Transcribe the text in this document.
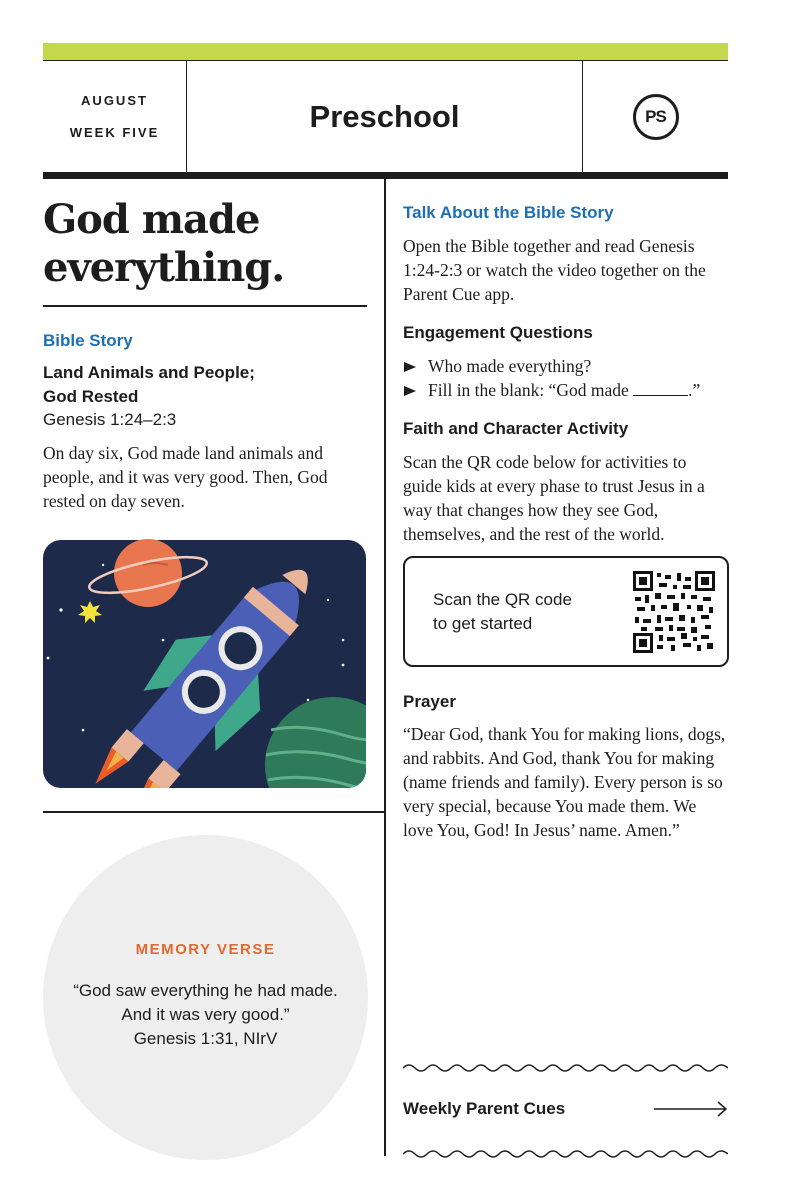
AUGUST
WEEK FIVE	Preschool	PS
God made everything.
Bible Story
Land Animals and People;
God Rested
Genesis 1:24–2:3

On day six, God made land animals and people, and it was very good. Then, God rested on day seven.

MEMORY VERSE
“God saw everything he had made. And it was very good.”
Genesis 1:31, NIrV
Talk About the Bible Story

Open the Bible together and read Genesis 1:24-2:3 or watch the video together on the Parent Cue app.

Engagement Questions
Who made everything?
Fill in the blank: “God made	.”
Faith and Character Activity

Scan the QR code below for activities to guide kids at every phase to trust Jesus in a way that changes how they see God, themselves, and the rest of the world.

Scan the QR code
to get started
Prayer

“Dear God, thank You for making lions, dogs, and rabbits. And God, thank You for making (name friends and family). Every person is so very special, because You made them. We love You, God! In Jesus’ name. Amen.”

Weekly Parent Cues
